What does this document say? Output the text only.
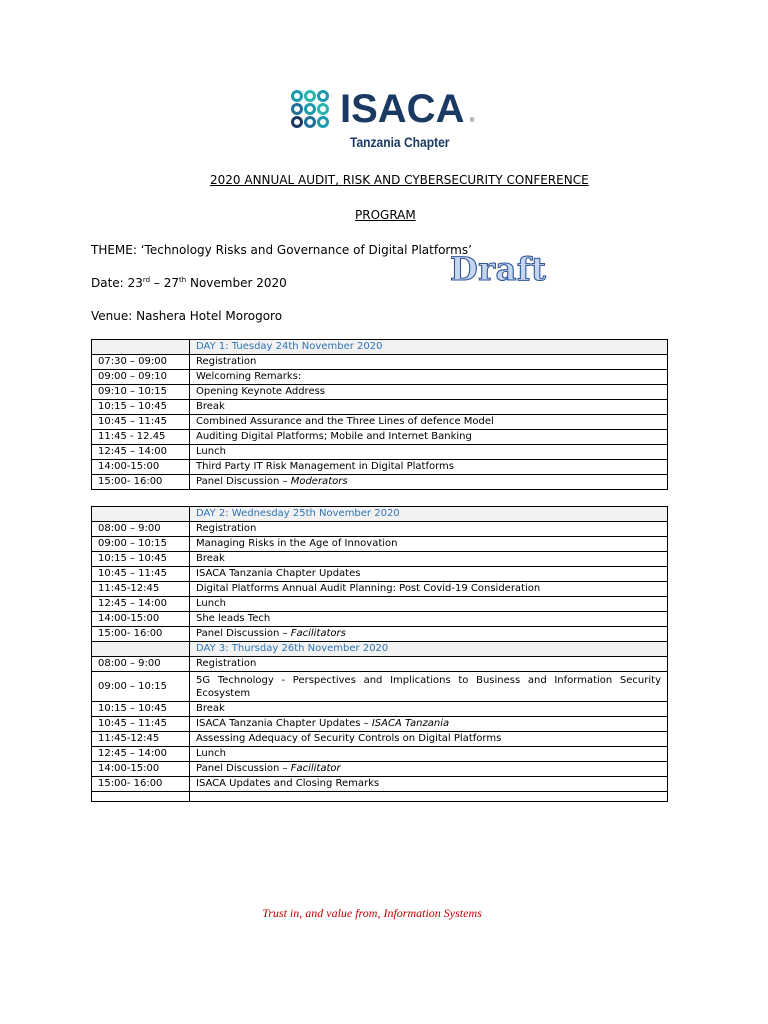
ISACA ®
Tanzania Chapter
2020 ANNUAL AUDIT, RISK AND CYBERSECURITY CONFERENCE
PROGRAM
THEME: ‘Technology Risks and Governance of Digital Platforms’
Date: 23rd – 27th November 2020
Venue: Nashera Hotel Morogoro
Draft
	DAY 1: Tuesday 24th November 2020
07:30 – 09:00	Registration
09:00 – 09:10	Welcoming Remarks:
09:10 – 10:15	Opening Keynote Address
10:15 – 10:45	Break
10:45 – 11:45	Combined Assurance and the Three Lines of defence Model
11:45 - 12.45	Auditing Digital Platforms; Mobile and Internet Banking
12:45 – 14:00	Lunch
14:00-15:00	Third Party IT Risk Management in Digital Platforms
15:00- 16:00	Panel Discussion – Moderators
	DAY 2: Wednesday 25th November 2020
08:00 – 9:00	Registration
09:00 – 10:15	Managing Risks in the Age of Innovation
10:15 – 10:45	Break
10:45 – 11:45	ISACA Tanzania Chapter Updates
11:45-12:45	Digital Platforms Annual Audit Planning: Post Covid-19 Consideration
12:45 – 14:00	Lunch
14:00-15:00	She leads Tech
15:00- 16:00	Panel Discussion – Facilitators
	DAY 3: Thursday 26th November 2020
08:00 – 9:00	Registration
09:00 – 10:15	5G Technology - Perspectives and Implications to Business and Information Security Ecosystem
10:15 – 10:45	Break
10:45 – 11:45	ISACA Tanzania Chapter Updates – ISACA Tanzania
11:45-12:45	Assessing Adequacy of Security Controls on Digital Platforms
12:45 – 14:00	Lunch
14:00-15:00	Panel Discussion – Facilitator
15:00- 16:00	ISACA Updates and Closing Remarks

Trust in, and value from, Information Systems
